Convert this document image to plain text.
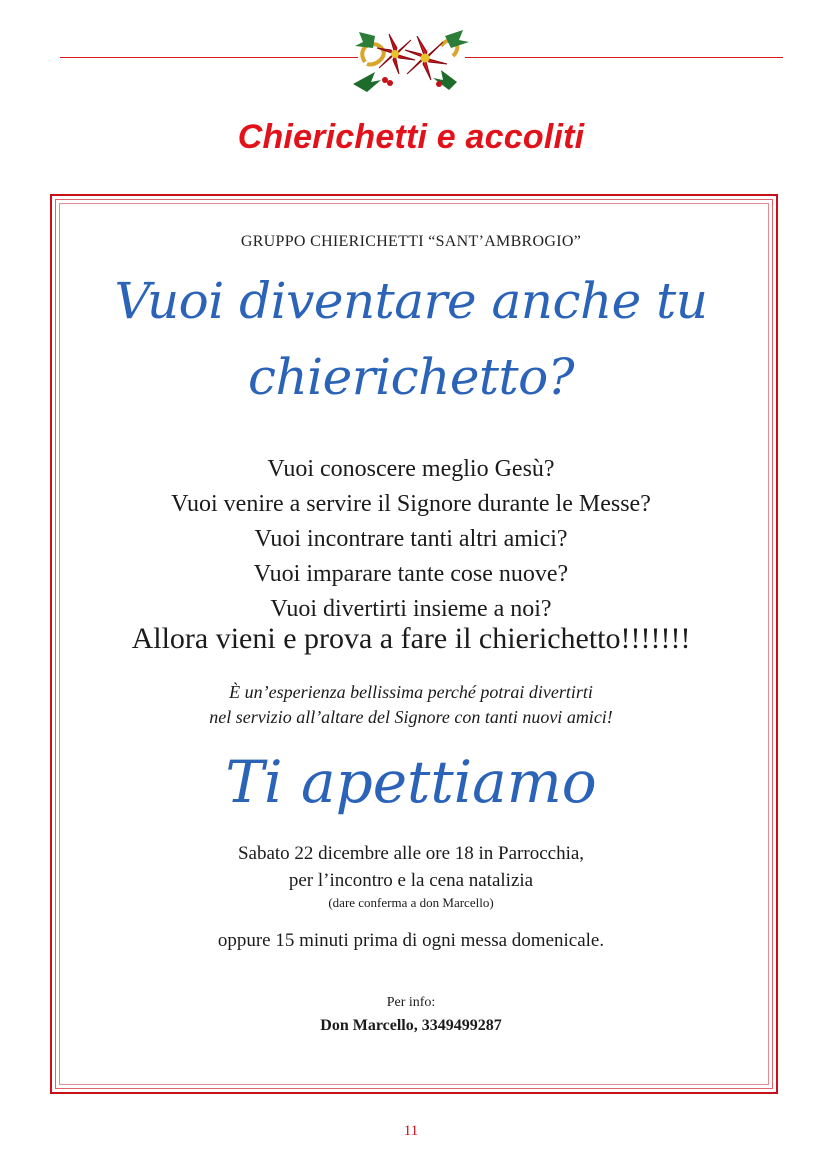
Chierichetti e accoliti
GRUPPO CHIERICHETTI “SANT’AMBROGIO”
Vuoi diventare anche tu
chierichetto?
Vuoi conoscere meglio Gesù?
Vuoi venire a servire il Signore durante le Messe?
Vuoi incontrare tanti altri amici?
Vuoi imparare tante cose nuove?
Vuoi divertirti insieme a noi?
Allora vieni e prova a fare il chierichetto!!!!!!!
È un’esperienza bellissima perché potrai divertirti
nel servizio all’altare del Signore con tanti nuovi amici!
Ti apettiamo
Sabato 22 dicembre alle ore 18 in Parrocchia,
per l’incontro e la cena natalizia
(dare conferma a don Marcello)
oppure 15 minuti prima di ogni messa domenicale.
Per info:
Don Marcello, 3349499287
11
